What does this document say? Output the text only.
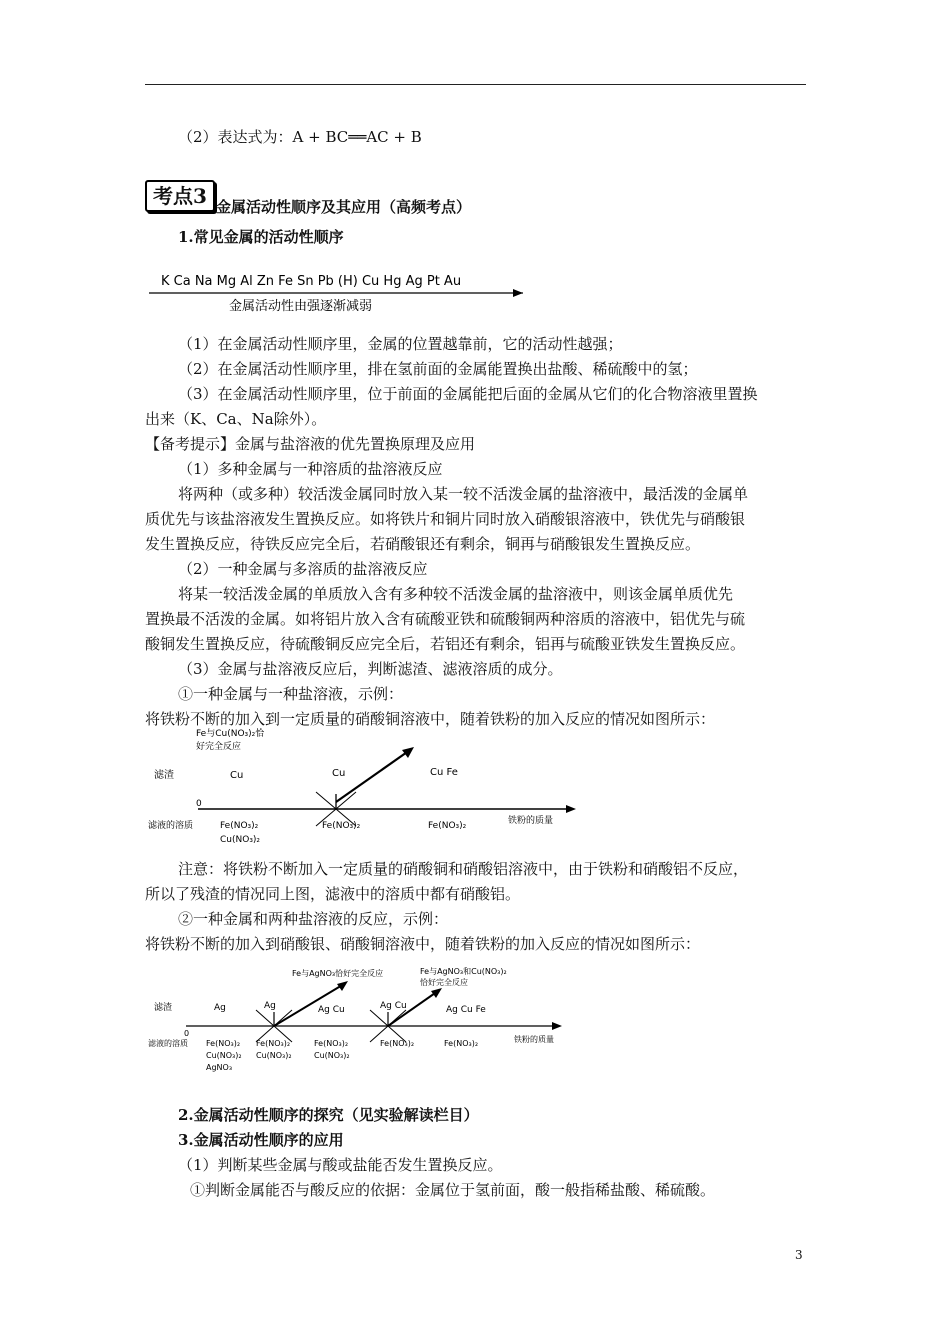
（2）表达式为：A + BC══AC + B
考点3 金属活动性顺序及其应用（高频考点）
1.常见金属的活动性顺序
K Ca Na Mg Al Zn Fe Sn Pb (H) Cu Hg Ag Pt Au
金属活动性由强逐渐减弱
（1）在金属活动性顺序里，金属的位置越靠前，它的活动性越强；
（2）在金属活动性顺序里，排在氢前面的金属能置换出盐酸、稀硫酸中的氢；
（3）在金属活动性顺序里，位于前面的金属能把后面的金属从它们的化合物溶液里置换
出来（K、Ca、Na除外）。
【备考提示】金属与盐溶液的优先置换原理及应用
（1）多种金属与一种溶质的盐溶液反应
将两种（或多种）较活泼金属同时放入某一较不活泼金属的盐溶液中，最活泼的金属单
质优先与该盐溶液发生置换反应。如将铁片和铜片同时放入硝酸银溶液中，铁优先与硝酸银
发生置换反应，待铁反应完全后，若硝酸银还有剩余，铜再与硝酸银发生置换反应。
（2）一种金属与多溶质的盐溶液反应
将某一较活泼金属的单质放入含有多种较不活泼金属的盐溶液中，则该金属单质优先
置换最不活泼的金属。如将铝片放入含有硫酸亚铁和硫酸铜两种溶质的溶液中，铝优先与硫
酸铜发生置换反应，待硫酸铜反应完全后，若铝还有剩余，铝再与硫酸亚铁发生置换反应。
（3）金属与盐溶液反应后，判断滤渣、滤液溶质的成分。
①一种金属与一种盐溶液，示例：
将铁粉不断的加入到一定质量的硝酸铜溶液中，随着铁粉的加入反应的情况如图所示：
Fe与Cu(NO₃)₂恰
好完全反应
滤渣	Cu	Cu	Cu Fe
0
铁粉的质量
滤液的溶质	Fe(NO₃)₂
Cu(NO₃)₂
Fe(NO₃)₂	Fe(NO₃)₂
注意：将铁粉不断加入一定质量的硝酸铜和硝酸铝溶液中，由于铁粉和硝酸铝不反应，
所以了残渣的情况同上图，滤液中的溶质中都有硝酸铝。
②一种金属和两种盐溶液的反应，示例：
将铁粉不断的加入到硝酸银、硝酸铜溶液中，随着铁粉的加入反应的情况如图所示：
Fe与AgNO₃恰好完全反应	Fe与AgNO₃和Cu(NO₃)₂
恰好完全反应
滤渣	Ag	Ag	Ag Cu	Ag Cu	Ag Cu Fe
0
铁粉的质量
滤液的溶质 Fe(NO₃)₂
Cu(NO₃)₂
AgNO₃
Fe(NO₃)₂
Cu(NO₃)₂
Fe(NO₃)₂
Cu(NO₃)₂
Fe(NO₃)₂	Fe(NO₃)₂
2.金属活动性顺序的探究（见实验解读栏目）
3.金属活动性顺序的应用
（1）判断某些金属与酸或盐能否发生置换反应。
①判断金属能否与酸反应的依据：金属位于氢前面，酸一般指稀盐酸、稀硫酸。
3
